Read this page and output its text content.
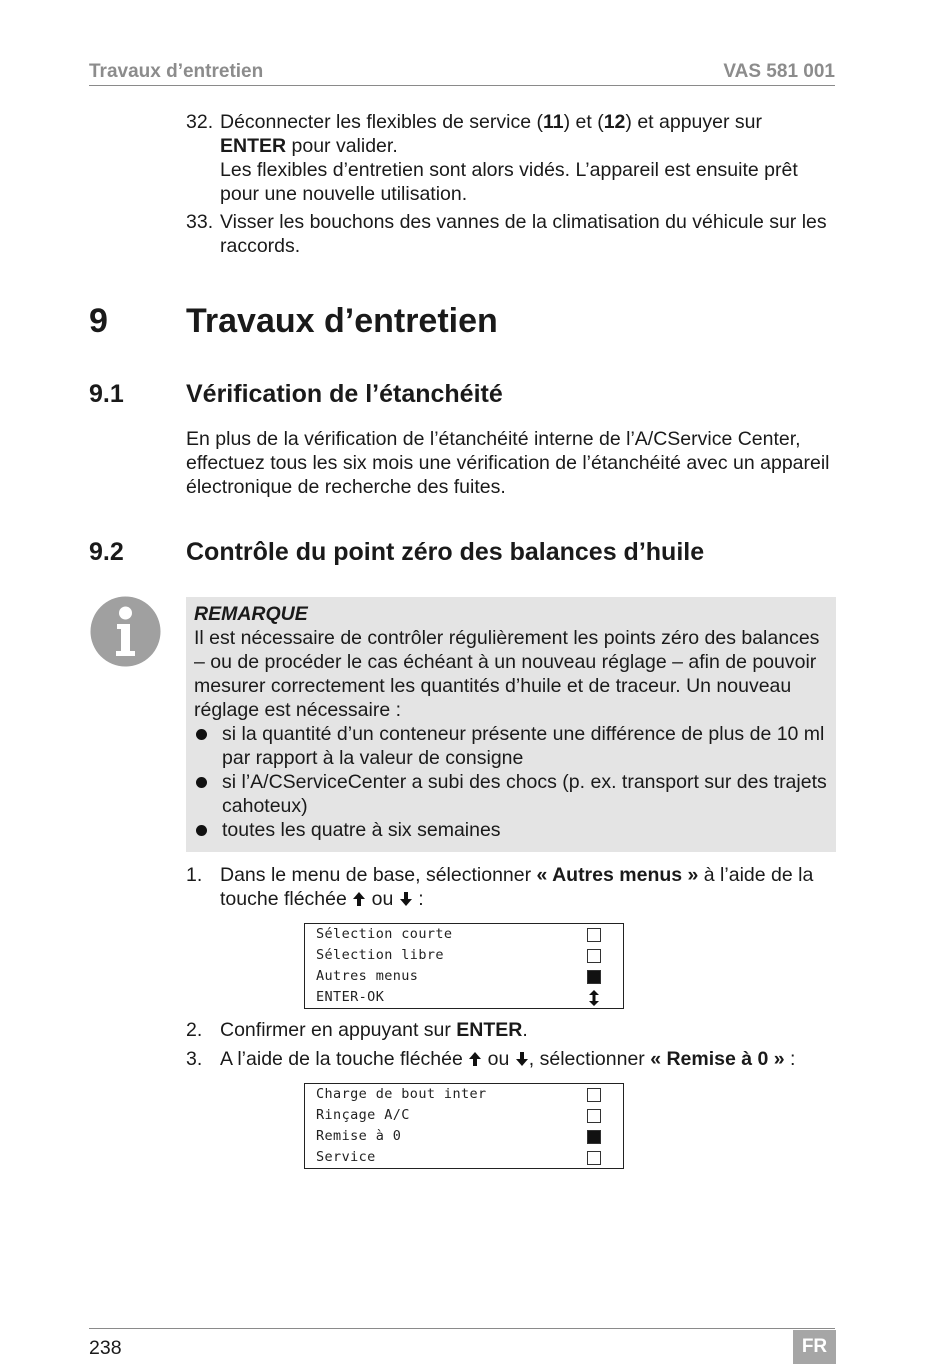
Travaux d’entretien	VAS 581 001
32. Déconnecter les flexibles de service (11) et (12) et appuyer sur
ENTER pour valider.

Les flexibles d’entretien sont alors vidés. L’appareil est ensuite prêt pour une nouvelle utilisation.

33. Visser les bouchons des vannes de la climatisation du véhicule sur les raccords.

9 Travaux d’entretien
9.1 Vérification de l’étanchéité
En plus de la vérification de l’étanchéité interne de l’A/CService Center, effectuez tous les six mois une vérification de l’étanchéité avec un appareil électronique de recherche des fuites.
9.2 Contrôle du point zéro des balances d’huile
REMARQUE
Il est nécessaire de contrôler régulièrement les points zéro des balances – ou de procéder le cas échéant à un nouveau réglage – afin de pouvoir mesurer correctement les quantités d’huile et de traceur. Un nouveau réglage est nécessaire :
si la quantité d’un conteneur présente une différence de plus de 10 ml par rapport à la valeur de consigne
si l’A/CServiceCenter a subi des chocs (p. ex. transport sur des trajets cahoteux)
toutes les quatre à six semaines
1. Dans le menu de base, sélectionner « Autres menus » à l’aide de la touche fléchée  ou  :

Sélection courte
Sélection libre
Autres menus
ENTER-OK
2. Confirmer en appuyant sur ENTER.

3. A l’aide de la touche fléchée  ou , sélectionner « Remise à 0 » :

Charge de bout inter
Rinçage A/C
Remise à 0
Service
238	FR
